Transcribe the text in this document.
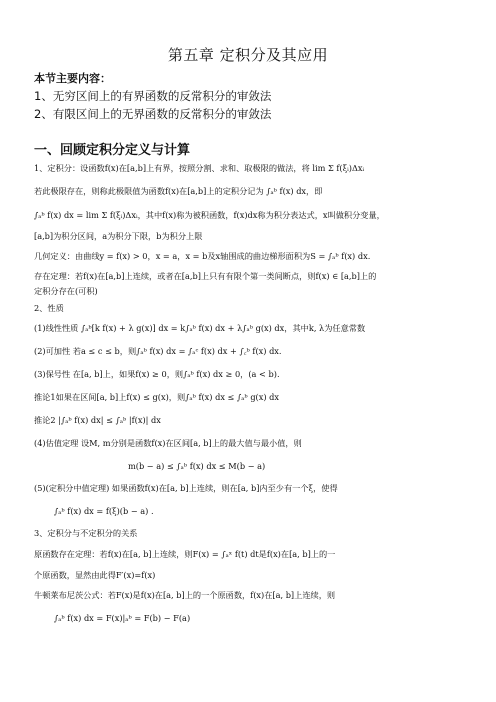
第五章 定积分及其应用
本节主要内容：
1、无穷区间上的有界函数的反常积分的审敛法
2、有限区间上的无界函数的反常积分的审敛法
一、回顾定积分定义与计算
1、定积分：设函数f(x)在[a,b]上有界，按照分割、求和、取极限的做法，将 lim Σ f(ξᵢ)Δxᵢ
若此极限存在，则称此极限值为函数f(x)在[a,b]上的定积分记为 ∫ₐᵇ f(x) dx，即
∫ₐᵇ f(x) dx = lim Σ f(ξᵢ)Δxᵢ，其中f(x)称为被积函数，f(x)dx称为积分表达式，x叫做积分变量，
[a,b]为积分区间，a为积分下限，b为积分上限
几何定义：由曲线y = f(x) > 0，x = a，x = b及x轴围成的曲边梯形面积为S = ∫ₐᵇ f(x) dx.
存在定理：若f(x)在[a,b]上连续，或者在[a,b]上只有有限个第一类间断点，则f(x) ∈ [a,b]上的
定积分存在(可积)
2、性质
(1)线性性质 ∫ₐᵇ[k f(x) + λ g(x)] dx = k∫ₐᵇ f(x) dx + λ∫ₐᵇ g(x) dx，其中k, λ为任意常数
(2)可加性 若a ≤ c ≤ b，则∫ₐᵇ f(x) dx = ∫ₐᶜ f(x) dx + ∫꜀ᵇ f(x) dx.
(3)保号性 在[a, b]上，如果f(x) ≥ 0，则∫ₐᵇ f(x) dx ≥ 0，(a < b).
推论1如果在区间[a, b]上f(x) ≤ g(x)，则∫ₐᵇ f(x) dx ≤ ∫ₐᵇ g(x) dx
推论2 |∫ₐᵇ f(x) dx| ≤ ∫ₐᵇ |f(x)| dx
(4)估值定理 设M, m分别是函数f(x)在区间[a, b]上的最大值与最小值，则
m(b − a) ≤ ∫ₐᵇ f(x) dx ≤ M(b − a)
(5)(定积分中值定理) 如果函数f(x)在[a, b]上连续，则在[a, b]内至少有一个ξ，使得
∫ₐᵇ f(x) dx = f(ξ)(b − a) .
3、定积分与不定积分的关系
原函数存在定理：若f(x)在[a, b]上连续，则F(x) = ∫ₐˣ f(t) dt是f(x)在[a, b]上的一
个原函数，显然由此得F′(x)=f(x)
牛顿莱布尼茨公式：若F(x)是f(x)在[a, b]上的一个原函数，f(x)在[a, b]上连续，则
∫ₐᵇ f(x) dx = F(x)|ₐᵇ = F(b) − F(a)
